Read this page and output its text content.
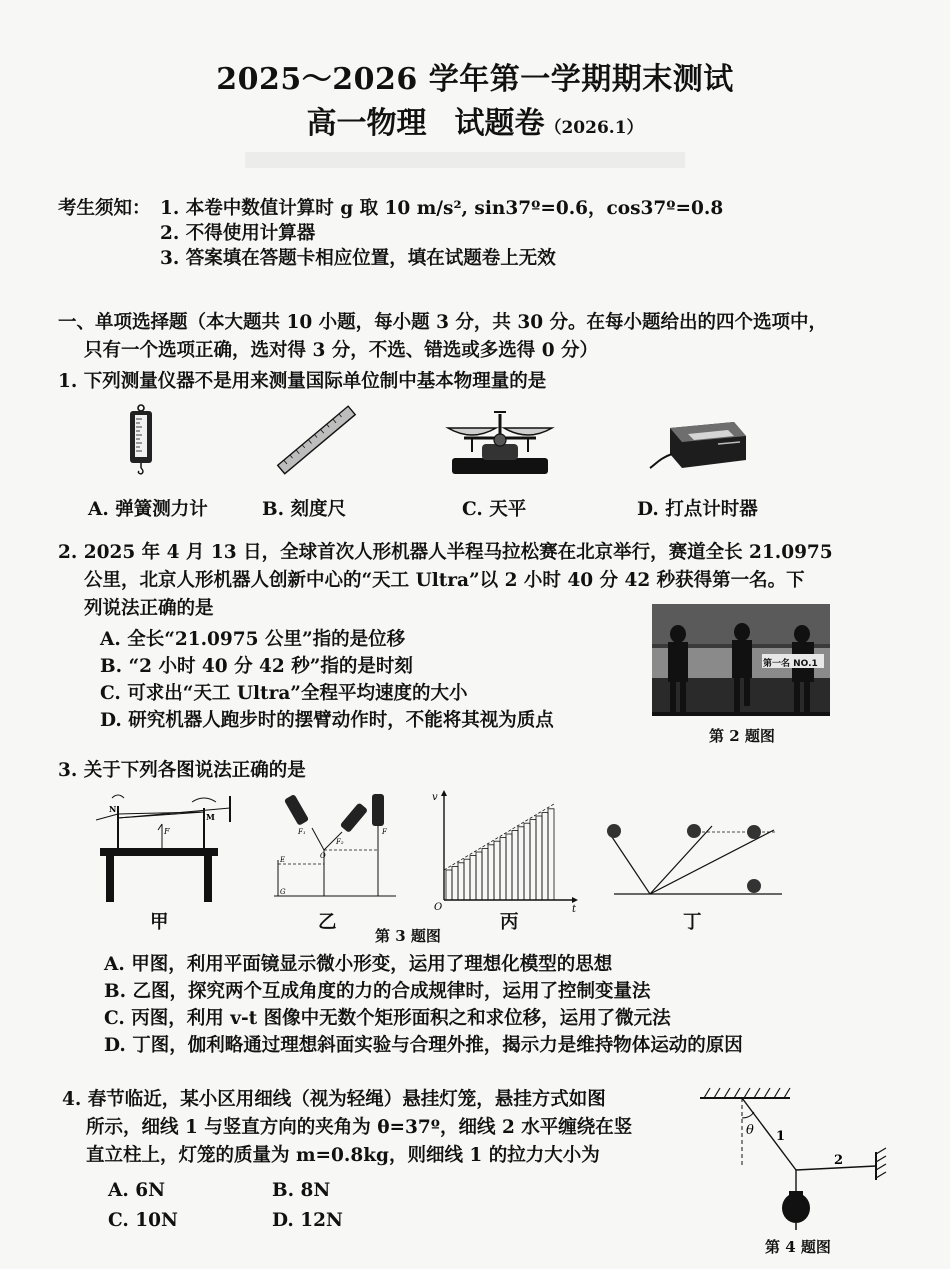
2025～2026 学年第一学期期末测试
高一物理 试题卷（2026.1）
考生须知： 1. 本卷中数值计算时 g 取 10 m/s², sin37º=0.6，cos37º=0.8
2. 不得使用计算器
3. 答案填在答题卡相应位置，填在试题卷上无效
一、单项选择题（本大题共 10 小题，每小题 3 分，共 30 分。在每小题给出的四个选项中，
只有一个选项正确，选对得 3 分，不选、错选或多选得 0 分）
1. 下列测量仪器不是用来测量国际单位制中基本物理量的是
A. 弹簧测力计	B. 刻度尺	C. 天平	D. 打点计时器
2. 2025 年 4 月 13 日，全球首次人形机器人半程马拉松赛在北京举行，赛道全长 21.0975
公里，北京人形机器人创新中心的“天工 Ultra”以 2 小时 40 分 42 秒获得第一名。下
列说法正确的是
A. 全长“21.0975 公里”指的是位移
B. “2 小时 40 分 42 秒”指的是时刻
C. 可求出“天工 Ultra”全程平均速度的大小
D. 研究机器人跑步时的摆臂动作时，不能将其视为质点
第一名 NO.1
第 2 题图
3. 关于下列各图说法正确的是
N
M
F	F₁
F₂
F
O
E
G
v
O	t
甲	乙	丙	丁
第 3 题图
A. 甲图，利用平面镜显示微小形变，运用了理想化模型的思想
B. 乙图，探究两个互成角度的力的合成规律时，运用了控制变量法
C. 丙图，利用 v-t 图像中无数个矩形面积之和求位移，运用了微元法
D. 丁图，伽利略通过理想斜面实验与合理外推，揭示力是维持物体运动的原因
4. 春节临近，某小区用细线（视为轻绳）悬挂灯笼，悬挂方式如图
所示，细线 1 与竖直方向的夹角为 θ=37º，细线 2 水平缠绕在竖
直立柱上，灯笼的质量为 m=0.8kg，则细线 1 的拉力大小为
A. 6N	B. 8N
C. 10N	D. 12N
θ 1
2
第 4 题图
